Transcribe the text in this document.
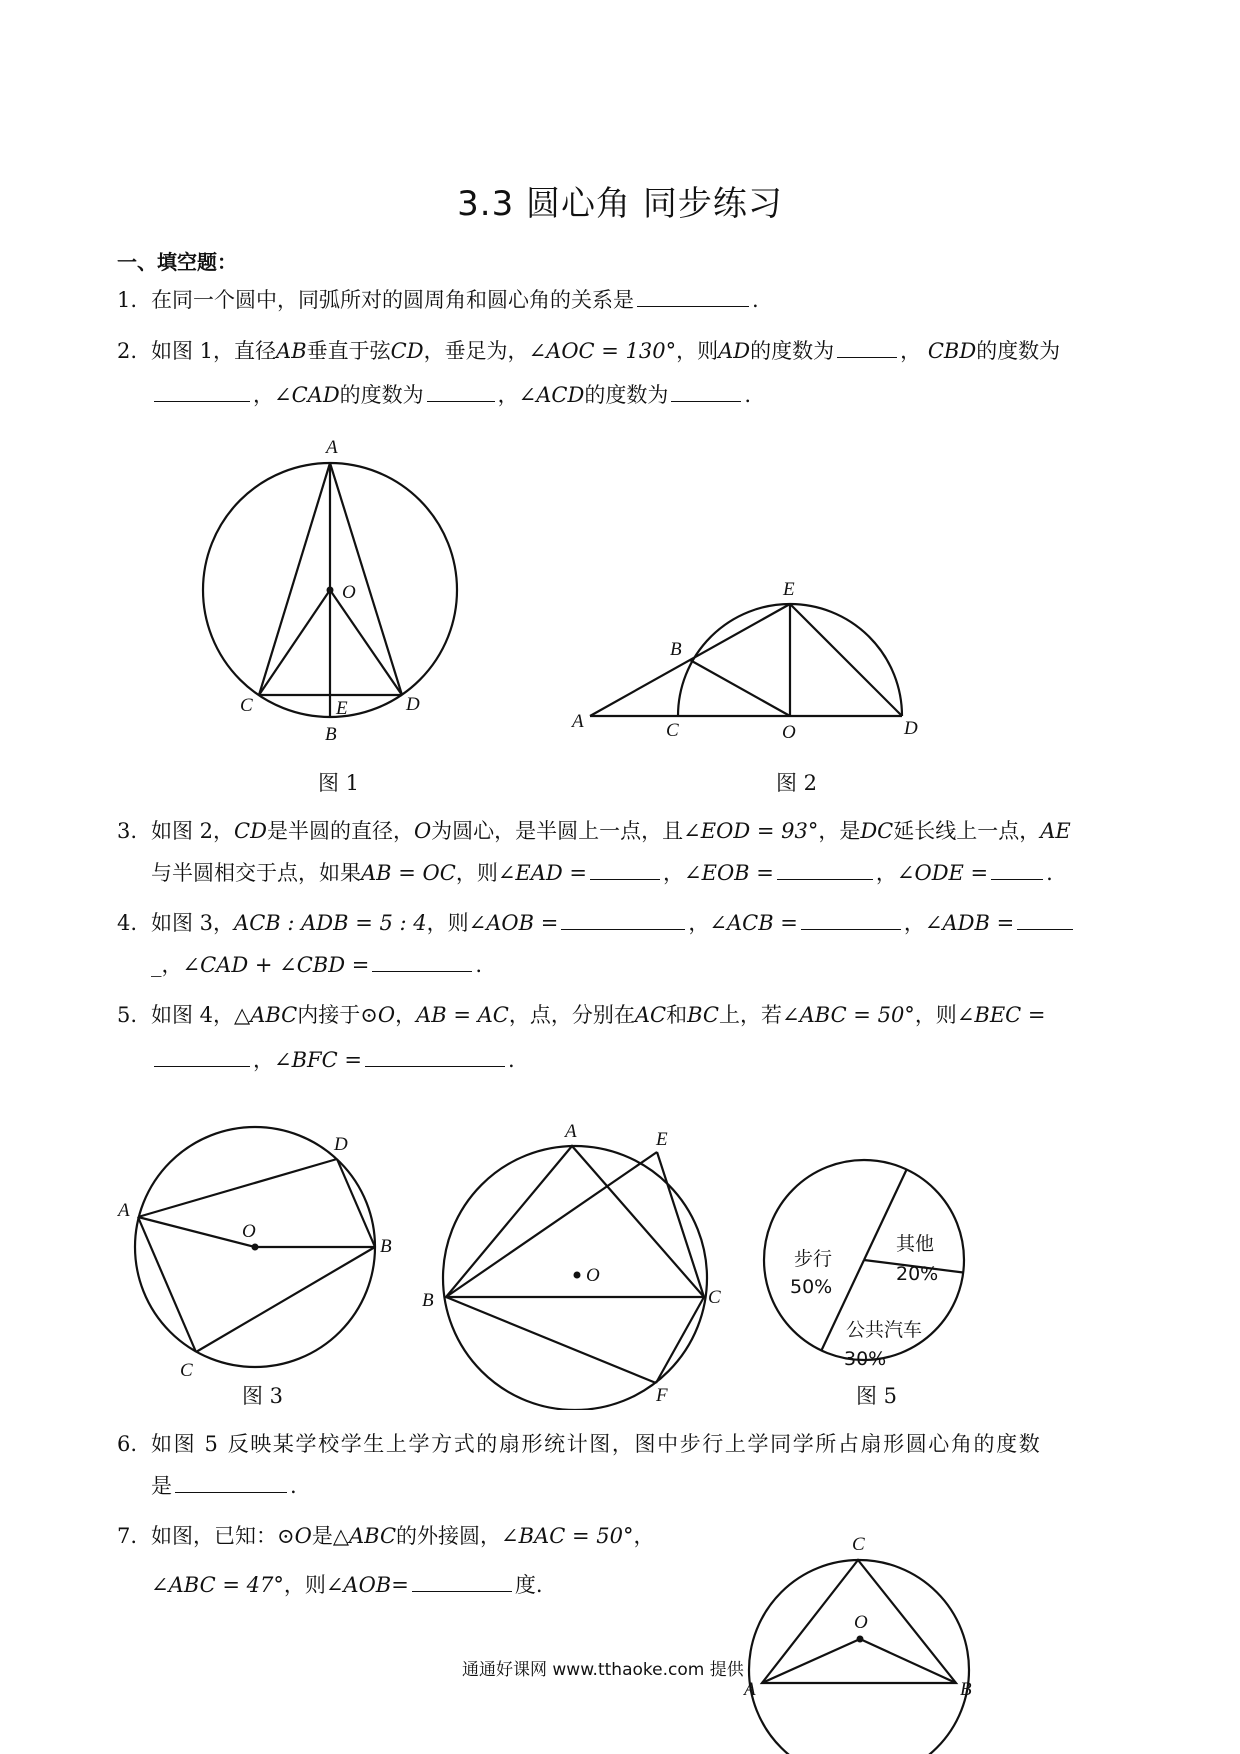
3.3 圆心角 同步练习
一、填空题：
1. 在同一个圆中，同弧所对的圆周角和圆心角的关系是	.
2. 如图 1，直径AB垂直于弦CD，垂足为，∠AOC = 130°，则AD的度数为	， CBD的度数为
，∠CAD的度数为	，∠ACD的度数为	.
A
O
C	D
E
B
图 1
E
B
A	C	O	D
图 2
3. 如图 2，CD是半圆的直径，O为圆心，是半圆上一点，且∠EOD = 93°，是DC延长线上一点，AE
与半圆相交于点，如果AB = OC，则∠EAD =	，∠EOB =	，∠ODE =	.
4. 如图 3，ACB : ADB = 5 : 4，则∠AOB =	，∠ACB =	，∠ADB =
_，∠CAD + ∠CBD =	.
5. 如图 4，△ABC内接于⊙O，AB = AC，点，分别在AC和BC上，若∠ABC = 50°，则∠BEC =
，∠BFC =	.
A
D
O
B
C
图 3
A	E
O
B	C
F
步行
50%
其他
20%
公共汽车
30%
图 5
6. 如图 5 反映某学校学生上学方式的扇形统计图，图中步行上学同学所占扇形圆心角的度数
是	.
7. 如图，已知：⊙O是△ABC的外接圆，∠BAC = 50°，
∠ABC = 47°，则∠AOB=	度.
C
O
A	B
通通好课网 www.tthaoke.com 提供
